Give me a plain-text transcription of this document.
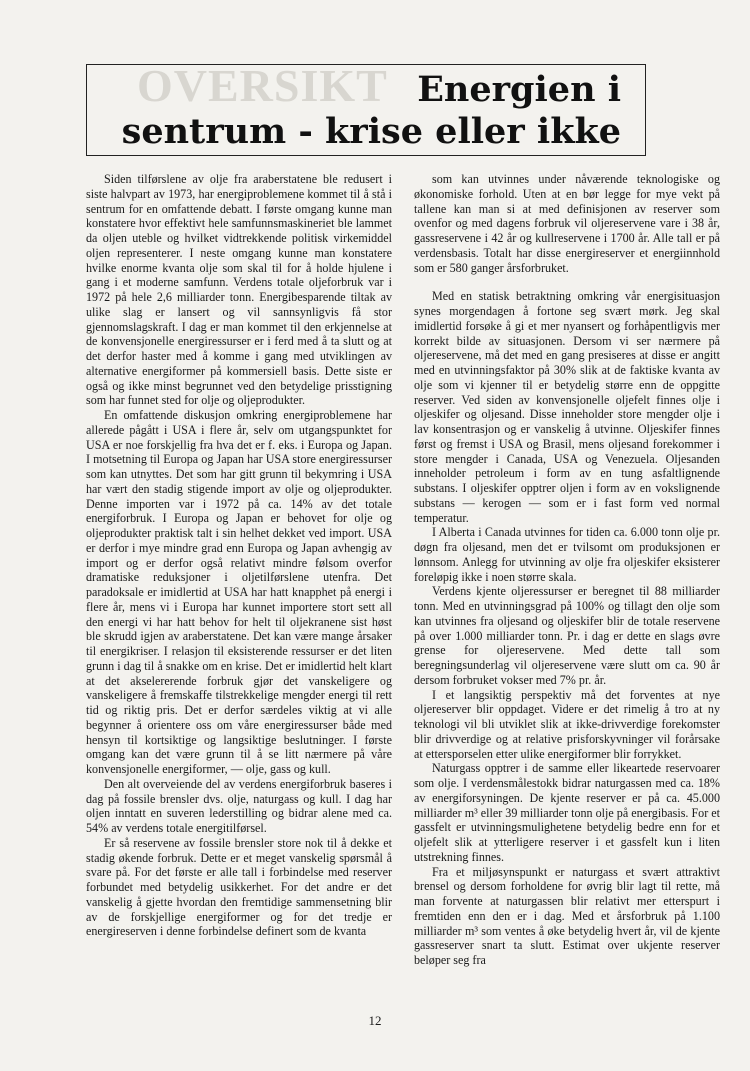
OVERSIKT Energien i
sentrum - krise eller ikke

Siden tilførslene av olje fra araberstatene ble redusert i siste halvpart av 1973, har energiproblemene kommet til å stå i sentrum for en omfattende debatt. I første omgang kunne man konstatere hvor effektivt hele samfunnsmaskineriet ble lammet da oljen uteble og hvilket vidtrekkende politisk virkemiddel oljen representerer. I neste omgang kunne man konstatere hvilke enorme kvanta olje som skal til for å holde hjulene i gang i et moderne samfunn. Verdens totale oljeforbruk var i 1972 på hele 2,6 milliarder tonn. Energibesparende tiltak av ulike slag er lansert og vil sannsynligvis få stor gjennomslagskraft. I dag er man kommet til den erkjennelse at de konvensjonelle energiressurser er i ferd med å ta slutt og at det derfor haster med å komme i gang med utviklingen av alternative energiformer på kommersiell basis. Dette siste er også og ikke minst begrunnet ved den betydelige prisstigning som har funnet sted for olje og oljeprodukter.

En omfattende diskusjon omkring energiproblemene har allerede pågått i USA i flere år, selv om utgangspunktet for USA er noe forskjellig fra hva det er f. eks. i Europa og Japan. I motsetning til Europa og Japan har USA store energiressurser som kan utnyttes. Det som har gitt grunn til bekymring i USA har vært den stadig stigende import av olje og oljeprodukter. Denne importen var i 1972 på ca. 14% av det totale energiforbruk. I Europa og Japan er behovet for olje og oljeprodukter praktisk talt i sin helhet dekket ved import. USA er derfor i mye mindre grad enn Europa og Japan avhengig av import og er derfor også relativt mindre følsom overfor dramatiske reduksjoner i oljetilførslene utenfra. Det paradoksale er imidlertid at USA har hatt knapphet på energi i flere år, mens vi i Europa har kunnet importere stort sett all den energi vi har hatt behov for helt til oljekranene sist høst ble skrudd igjen av araberstatene. Det kan være mange årsaker til energikriser. I relasjon til eksisterende ressurser er det liten grunn i dag til å snakke om en krise. Det er imidlertid helt klart at det akselererende forbruk gjør det vanskeligere og vanskeligere å fremskaffe tilstrekkelige mengder energi til rett tid og riktig pris. Det er derfor særdeles viktig at vi alle begynner å orientere oss om våre energiressurser både med hensyn til kortsiktige og langsiktige beslutninger. I første omgang kan det være grunn til å se litt nærmere på våre konvensjonelle energiformer, — olje, gass og kull.

Den alt overveiende del av verdens energiforbruk baseres i dag på fossile brensler dvs. olje, naturgass og kull. I dag har oljen inntatt en suveren lederstilling og bidrar alene med ca. 54% av verdens totale energitilførsel.

Er så reservene av fossile brensler store nok til å dekke et stadig økende forbruk. Dette er et meget vanskelig spørsmål å svare på. For det første er alle tall i forbindelse med reserver forbundet med betydelig usikkerhet. For det andre er det vanskelig å gjette hvordan den fremtidige sammensetning blir av de forskjellige energiformer og for det tredje er energireserven i denne forbindelse definert som de kvanta

som kan utvinnes under nåværende teknologiske og økonomiske forhold. Uten at en bør legge for mye vekt på tallene kan man si at med definisjonen av reserver som ovenfor og med dagens forbruk vil oljereservene vare i 38 år, gassreservene i 42 år og kullreservene i 1700 år. Alle tall er på verdensbasis. Totalt har disse energireserver et energiinnhold som er 580 ganger årsforbruket.

Med en statisk betraktning omkring vår energisituasjon synes morgendagen å fortone seg svært mørk. Jeg skal imidlertid forsøke å gi et mer nyansert og forhåpentligvis mer korrekt bilde av situasjonen. Dersom vi ser nærmere på oljereservene, må det med en gang presiseres at disse er angitt med en utvinningsfaktor på 30% slik at de faktiske kvanta av olje som vi kjenner til er betydelig større enn de oppgitte reserver. Ved siden av konvensjonelle oljefelt finnes olje i oljeskifer og oljesand. Disse inneholder store mengder olje i lav konsentrasjon og er vanskelig å utvinne. Oljeskifer finnes først og fremst i USA og Brasil, mens oljesand forekommer i store mengder i Canada, USA og Venezuela. Oljesanden inneholder petroleum i form av en tung asfaltlignende substans. I oljeskifer opptrer oljen i form av en vokslignende substans — kerogen — som er i fast form ved normal temperatur.

I Alberta i Canada utvinnes for tiden ca. 6.000 tonn olje pr. døgn fra oljesand, men det er tvilsomt om produksjonen er lønnsom. Anlegg for utvinning av olje fra oljeskifer eksisterer foreløpig ikke i noen større skala.

Verdens kjente oljeressurser er beregnet til 88 milliarder tonn. Med en utvinningsgrad på 100% og tillagt den olje som kan utvinnes fra oljesand og oljeskifer blir de totale reservene på over 1.000 milliarder tonn. Pr. i dag er dette en slags øvre grense for oljereservene. Med dette tall som beregningsunderlag vil oljereservene være slutt om ca. 90 år dersom forbruket vokser med 7% pr. år.

I et langsiktig perspektiv må det forventes at nye oljereserver blir oppdaget. Videre er det rimelig å tro at ny teknologi vil bli utviklet slik at ikke-drivverdige forekomster blir drivverdige og at relative prisforskyvninger vil forårsake at ettersporselen etter ulike energiformer blir forrykket.

Naturgass opptrer i de samme eller likeartede reservoarer som olje. I verdensmålestokk bidrar naturgassen med ca. 18% av energiforsyningen. De kjente reserver er på ca. 45.000 milliarder m³ eller 39 milliarder tonn olje på energibasis. For et gassfelt er utvinningsmulighetene betydelig bedre enn for et oljefelt slik at ytterligere reserver i et gassfelt kun i liten utstrekning finnes.

Fra et miljøsynspunkt er naturgass et svært attraktivt brensel og dersom forholdene for øvrig blir lagt til rette, må man forvente at naturgassen blir relativt mer etterspurt i fremtiden enn den er i dag. Med et årsforbruk på 1.100 milliarder m³ som ventes å øke betydelig hvert år, vil de kjente gassreserver snart ta slutt. Estimat over ukjente reserver beløper seg fra

12
